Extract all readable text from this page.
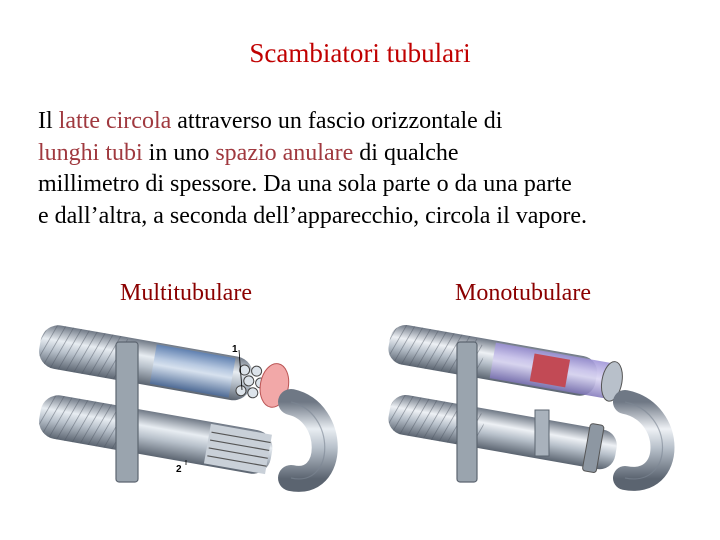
Scambiatori tubulari
Il latte circola attraverso un fascio orizzontale di
lunghi tubi in uno spazio anulare di qualche
millimetro di spessore. Da una sola parte o da una parte
e dall’altra, a seconda dell’apparecchio, circola il vapore.
Multitubulare	Monotubulare
1
2
